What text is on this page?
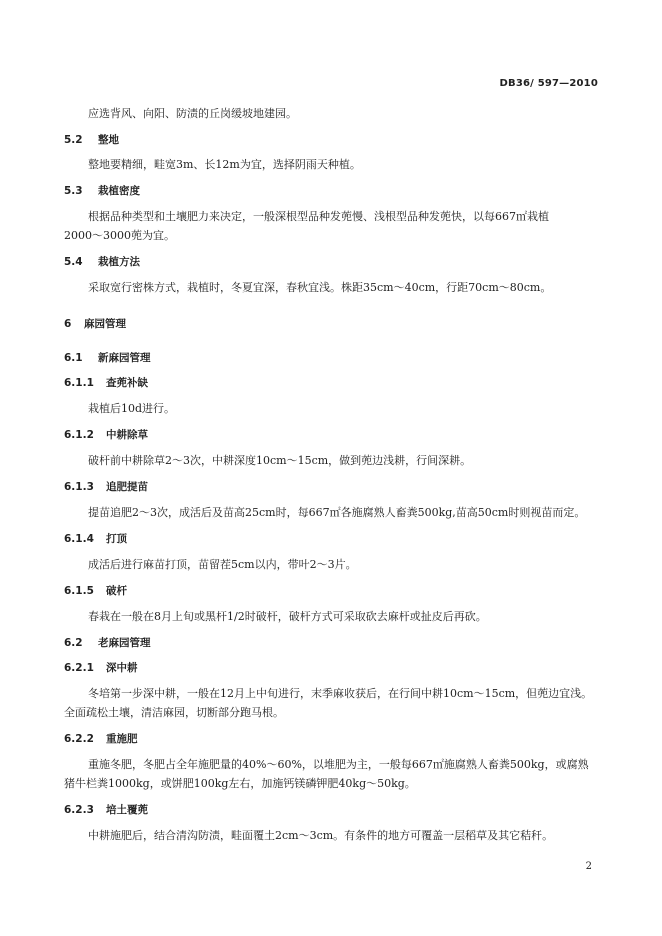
DB36/ 597—2010
应选背风、向阳、防渍的丘岗缓坡地建园。
5.2 整地
整地要精细，畦宽3m、长12m为宜，选择阴雨天种植。
5.3 栽植密度
根据品种类型和土壤肥力来决定，一般深根型品种发蔸慢、浅根型品种发蔸快，以每667㎡栽植
2000～3000蔸为宜。
5.4 栽植方法
采取宽行密株方式，栽植时，冬夏宜深，春秋宜浅。株距35cm～40cm，行距70cm～80cm。
6 麻园管理
6.1 新麻园管理
6.1.1 查蔸补缺
栽植后10d进行。
6.1.2 中耕除草
破杆前中耕除草2～3次，中耕深度10cm～15cm，做到蔸边浅耕，行间深耕。
6.1.3 追肥提苗
提苗追肥2～3次，成活后及苗高25cm时，每667㎡各施腐熟人畜粪500kg,苗高50cm时则视苗而定。
6.1.4 打顶
成活后进行麻苗打顶，苗留茬5cm以内，带叶2～3片。
6.1.5 破杆
春栽在一般在8月上旬或黑杆1/2时破杆，破杆方式可采取砍去麻杆或扯皮后再砍。
6.2 老麻园管理
6.2.1 深中耕
冬培第一步深中耕，一般在12月上中旬进行，末季麻收获后，在行间中耕10cm～15cm，但蔸边宜浅。
全面疏松土壤，清洁麻园，切断部分跑马根。
6.2.2 重施肥
重施冬肥，冬肥占全年施肥量的40%～60%，以堆肥为主，一般每667㎡施腐熟人畜粪500kg，或腐熟
猪牛栏粪1000kg，或饼肥100kg左右，加施钙镁磷钾肥40kg～50kg。
6.2.3 培土覆蔸
中耕施肥后，结合清沟防渍，畦面覆土2cm～3cm。有条件的地方可覆盖一层稻草及其它秸秆。
2
